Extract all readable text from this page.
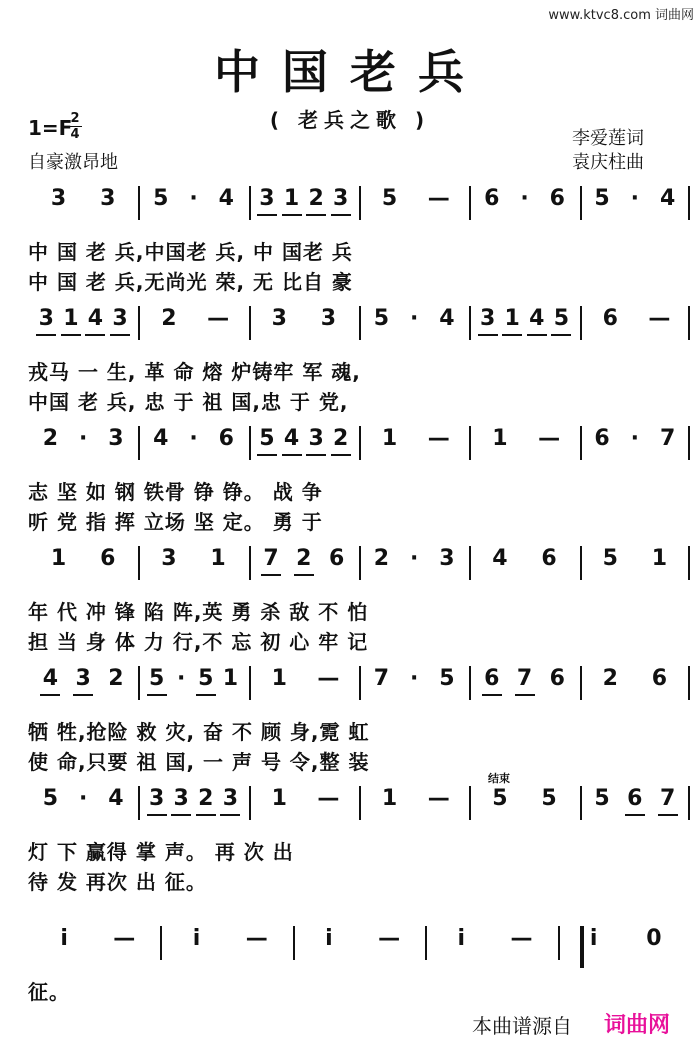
www.ktvc8.com 词曲网
中国老兵
( 老兵之歌 )
1=F
2
4
自豪激昂地
李爱莲词
袁庆柱曲
3 3 5 · 4 3 1 2 3 5 — 6 · 6 5 · 4
中 国 老 兵,中国老 兵, 中 国老 兵
中 国 老 兵,无尚光 荣, 无 比自 豪
3 1 4 3 2 — 3 3 5 · 4 3 1 4 5 6 —
戎马 一 生, 革 命 熔 炉铸牢 军 魂,
中国 老 兵, 忠 于 祖 国,忠 于 党,
2 · 3 4 · 6 5 4 3 2 1 — 1 — 6 · 7
志 坚 如 钢 铁骨 铮 铮。 战 争
听 党 指 挥 立场 坚 定。 勇 于
1 6 3 1 7 2 6 2 · 3 4 6 5 1
年 代 冲 锋 陷 阵,英 勇 杀 敌 不 怕
担 当 身 体 力 行,不 忘 初 心 牢 记
4 3 2 5 · 5 1 1 — 7 · 5 6 7 6 2 6
牺 牲,抢险 救 灾, 奋 不 顾 身,霓 虹
使 命,只要 祖 国, 一 声 号 令,整 装
5 · 4 3 3 2 3 1 — 1 — 5 5 5 6 7
灯 下 赢得 掌 声。 再 次 出
待 发 再次 出 征。
i	—	i	—	i	—	i	—	i	0
征。
结束
本曲谱源自 词曲网
